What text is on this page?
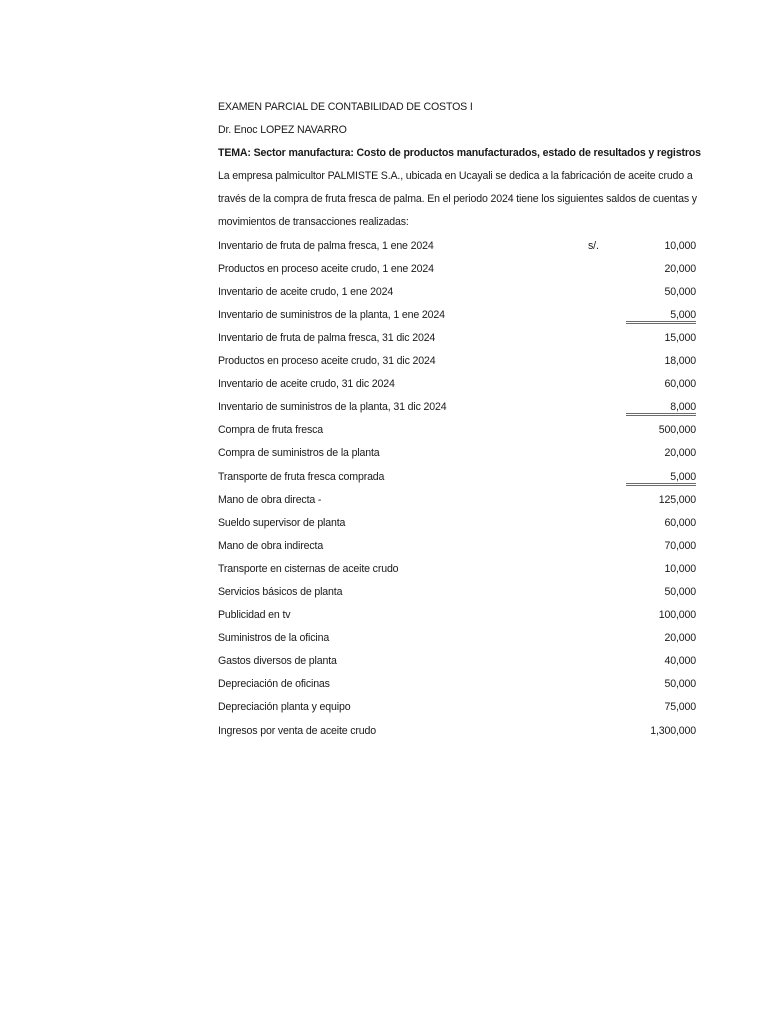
EXAMEN PARCIAL DE CONTABILIDAD DE COSTOS I
Dr. Enoc LOPEZ NAVARRO
TEMA: Sector manufactura: Costo de productos manufacturados, estado de resultados y registros
La empresa palmicultor PALMISTE S.A., ubicada en Ucayali se dedica a la fabricación de aceite crudo a
través de la compra de fruta fresca de palma. En el periodo 2024 tiene los siguientes saldos de cuentas y
movimientos de transacciones realizadas:
Inventario de fruta de palma fresca, 1 ene 2024	s/.	10,000
Productos en proceso aceite crudo, 1 ene 2024	20,000
Inventario de aceite crudo, 1 ene 2024	50,000
Inventario de suministros de la planta, 1 ene 2024	5,000
Inventario de fruta de palma fresca, 31 dic 2024	15,000
Productos en proceso aceite crudo, 31 dic 2024	18,000
Inventario de aceite crudo, 31 dic 2024	60,000
Inventario de suministros de la planta, 31 dic 2024	8,000
Compra de fruta fresca	500,000
Compra de suministros de la planta	20,000
Transporte de fruta fresca comprada	5,000
Mano de obra directa -	125,000
Sueldo supervisor de planta	60,000
Mano de obra indirecta	70,000
Transporte en cisternas de aceite crudo	10,000
Servicios básicos de planta	50,000
Publicidad en tv	100,000
Suministros de la oficina	20,000
Gastos diversos de planta	40,000
Depreciación de oficinas	50,000
Depreciación planta y equipo	75,000
Ingresos por venta de aceite crudo	1,300,000
